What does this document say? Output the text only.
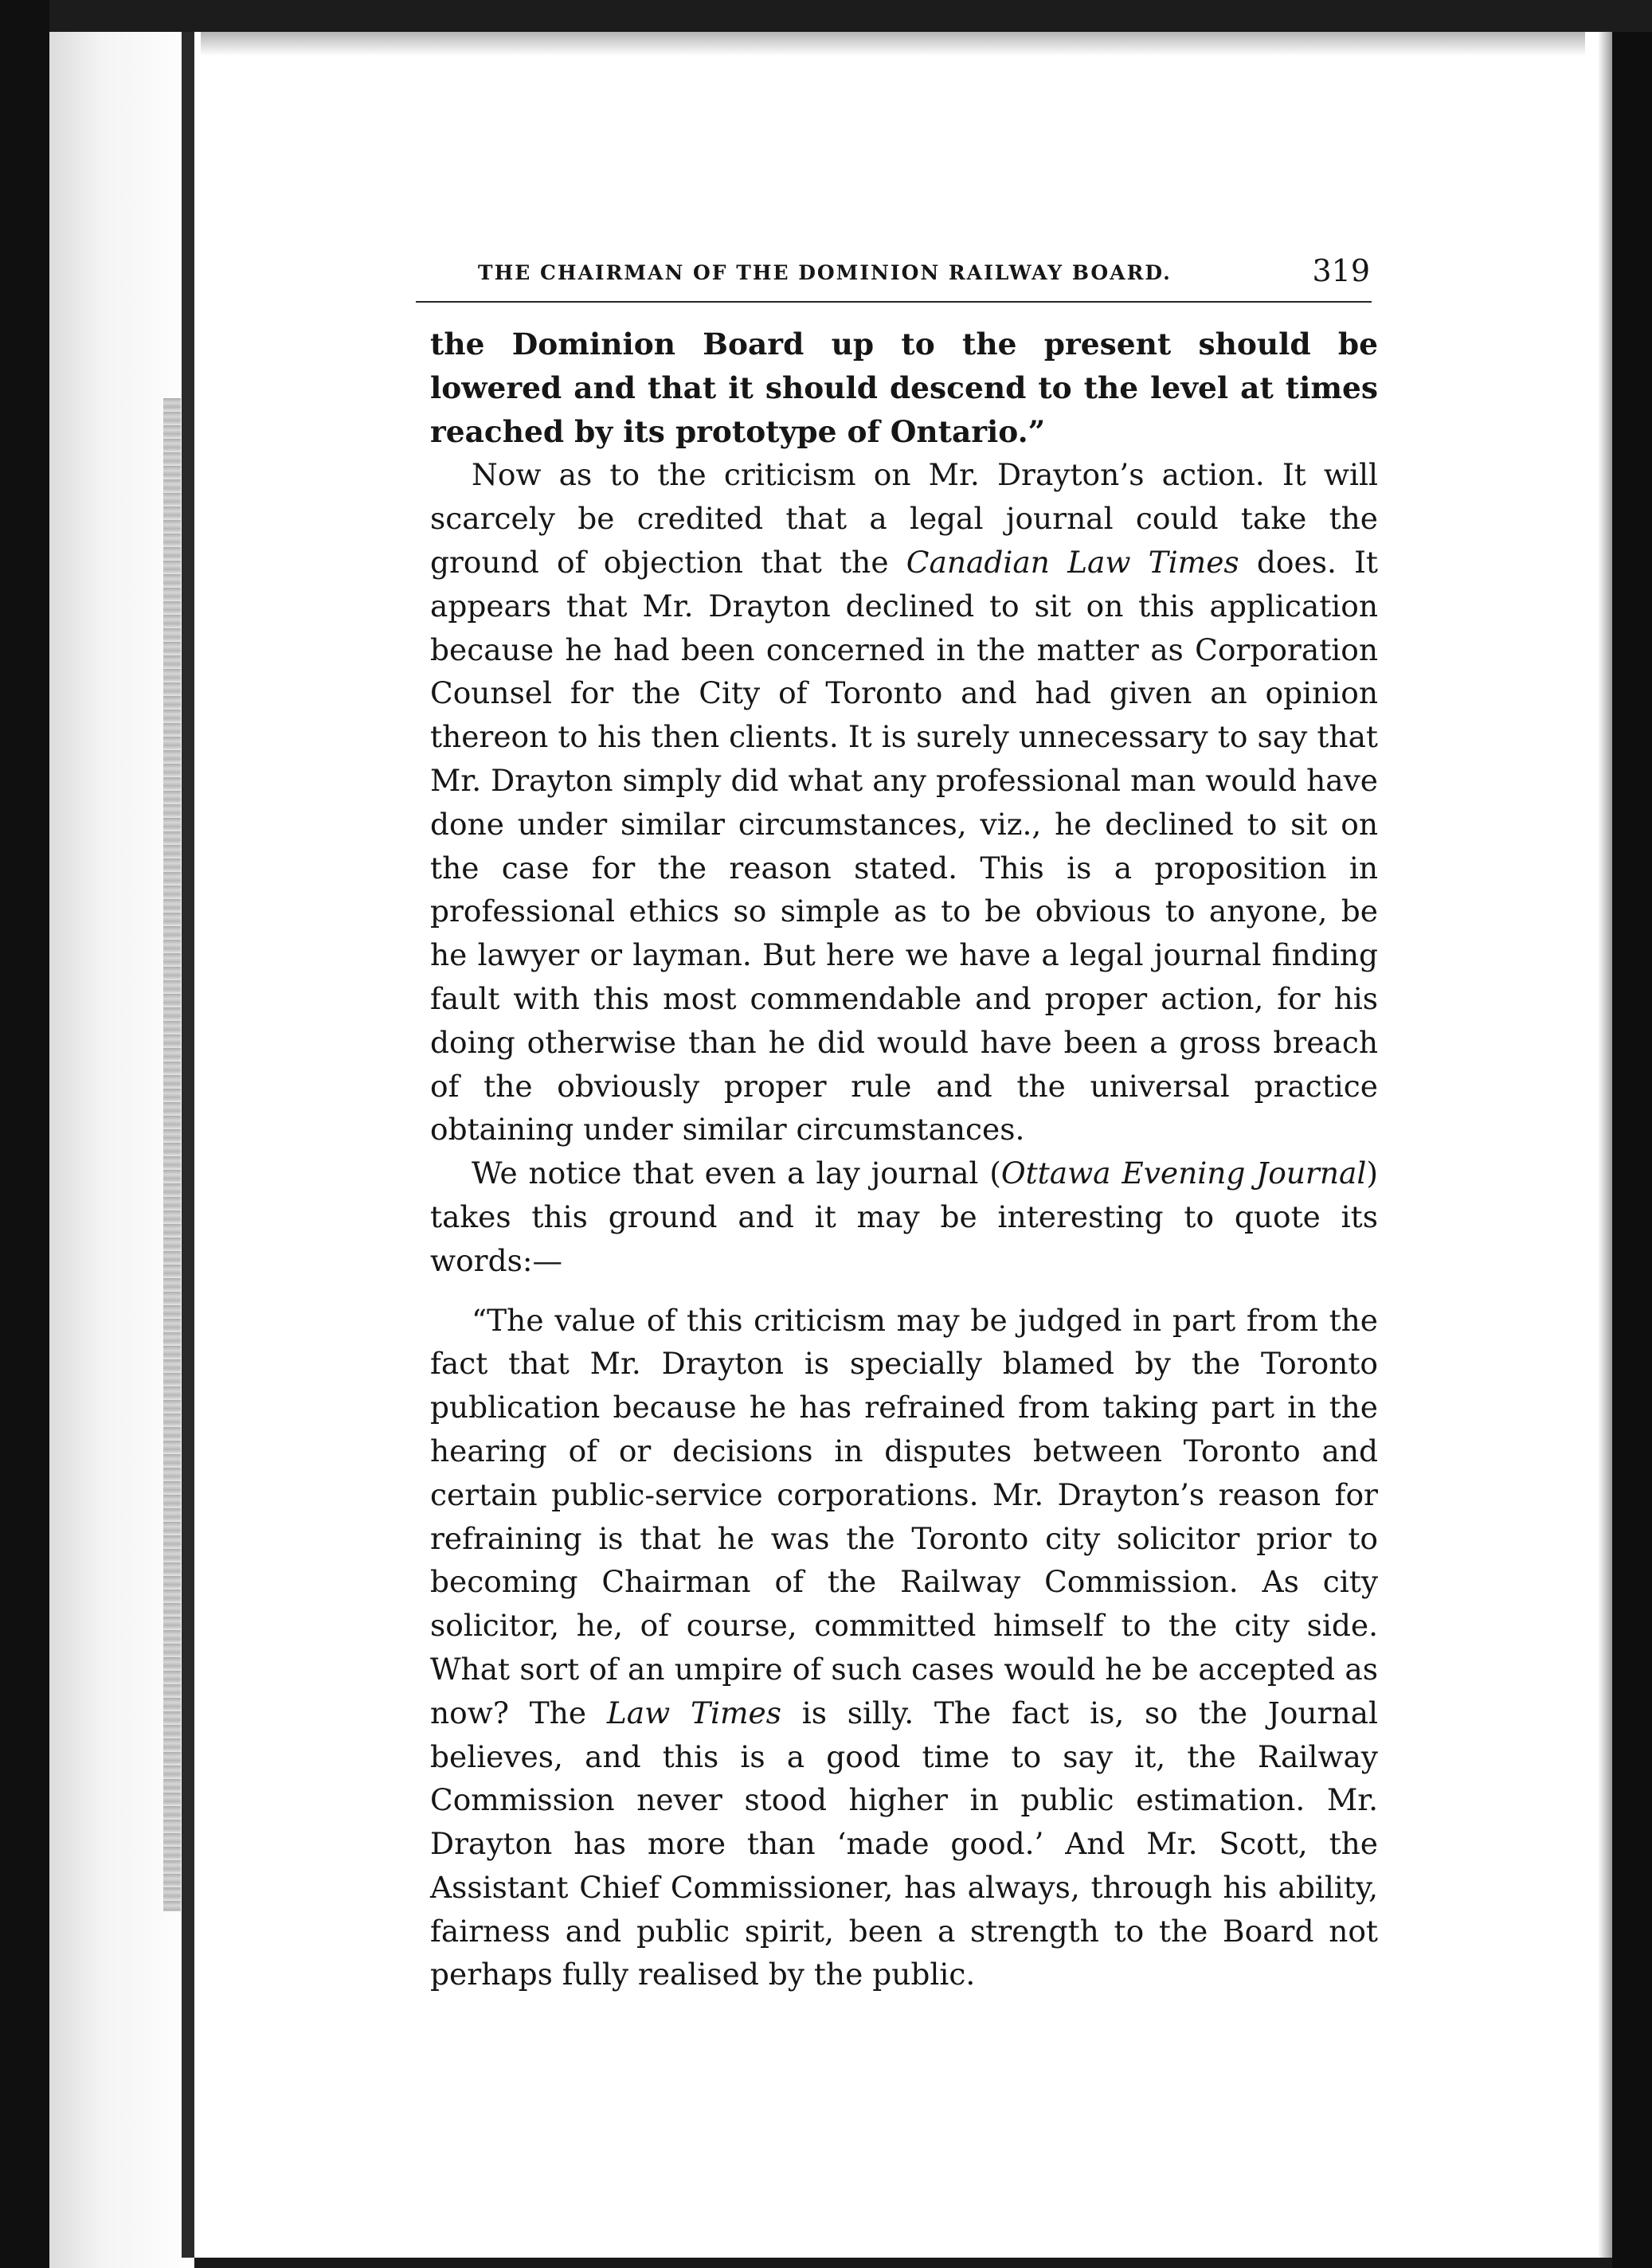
THE CHAIRMAN OF THE DOMINION RAILWAY BOARD.	319

the Dominion Board up to the present should be lowered and that it should descend to the level at times reached by its prototype of Ontario.”

Now as to the criticism on Mr. Drayton’s action. It will scarcely be credited that a legal journal could take the ground of objection that the Canadian Law Times does. It appears that Mr. Drayton declined to sit on this application because he had been concerned in the matter as Corporation Counsel for the City of Toronto and had given an opinion thereon to his then clients. It is surely unnecessary to say that Mr. Drayton simply did what any professional man would have done under similar circumstances, viz., he declined to sit on the case for the reason stated. This is a proposition in professional ethics so simple as to be obvious to anyone, be he lawyer or layman. But here we have a legal journal finding fault with this most commendable and proper action, for his doing otherwise than he did would have been a gross breach of the obviously proper rule and the universal practice obtaining under similar circumstances.

We notice that even a lay journal (Ottawa Evening Journal) takes this ground and it may be interesting to quote its words:—

“The value of this criticism may be judged in part from the fact that Mr. Drayton is specially blamed by the Toronto publication because he has refrained from taking part in the hearing of or decisions in disputes between Toronto and certain public-service corporations. Mr. Drayton’s reason for refraining is that he was the Toronto city solicitor prior to becoming Chairman of the Railway Commission. As city solicitor, he, of course, committed himself to the city side. What sort of an umpire of such cases would he be accepted as now? The Law Times is silly. The fact is, so the Journal believes, and this is a good time to say it, the Railway Commission never stood higher in public estimation. Mr. Drayton has more than ‘made good.’ And Mr. Scott, the Assistant Chief Commissioner, has always, through his ability, fairness and public spirit, been a strength to the Board not perhaps fully realised by the public.
